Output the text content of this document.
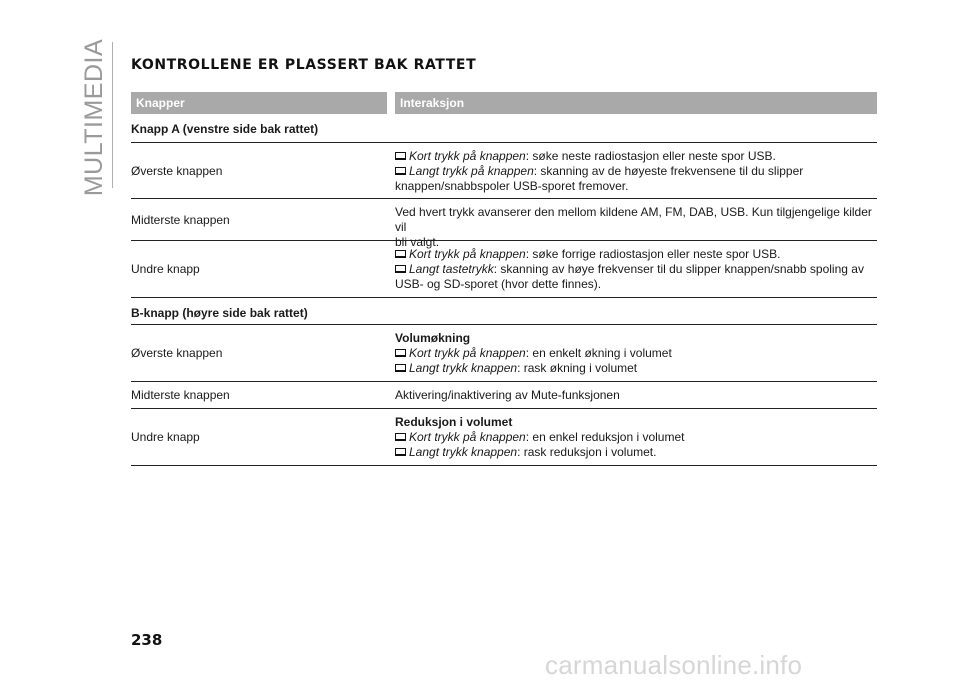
MULTIMEDIA KONTROLLENE ER PLASSERT BAK RATTET
Knapper	Interaksjon
Knapp A (venstre side bak rattet)
Øverste knappen
Kort trykk på knappen: søke neste radiostasjon eller neste spor USB.
Langt trykk på knappen: skanning av de høyeste frekvensene til du slipper
knappen/snabbspoler USB-sporet fremover.
Midterste knappen
Ved hvert trykk avanserer den mellom kildene AM, FM, DAB, USB. Kun tilgjengelige kilder vil
bli valgt.
Undre knapp
Kort trykk på knappen: søke forrige radiostasjon eller neste spor USB.
Langt tastetrykk: skanning av høye frekvenser til du slipper knappen/snabb spoling av
USB- og SD-sporet (hvor dette finnes).
B-knapp (høyre side bak rattet)
Øverste knappen
Volumøkning
Kort trykk på knappen: en enkelt økning i volumet
Langt trykk knappen: rask økning i volumet
Midterste knappen	Aktivering/inaktivering av Mute-funksjonen
Undre knapp
Reduksjon i volumet
Kort trykk på knappen: en enkel reduksjon i volumet
Langt trykk knappen: rask reduksjon i volumet.
238
carmanualsonline.info
